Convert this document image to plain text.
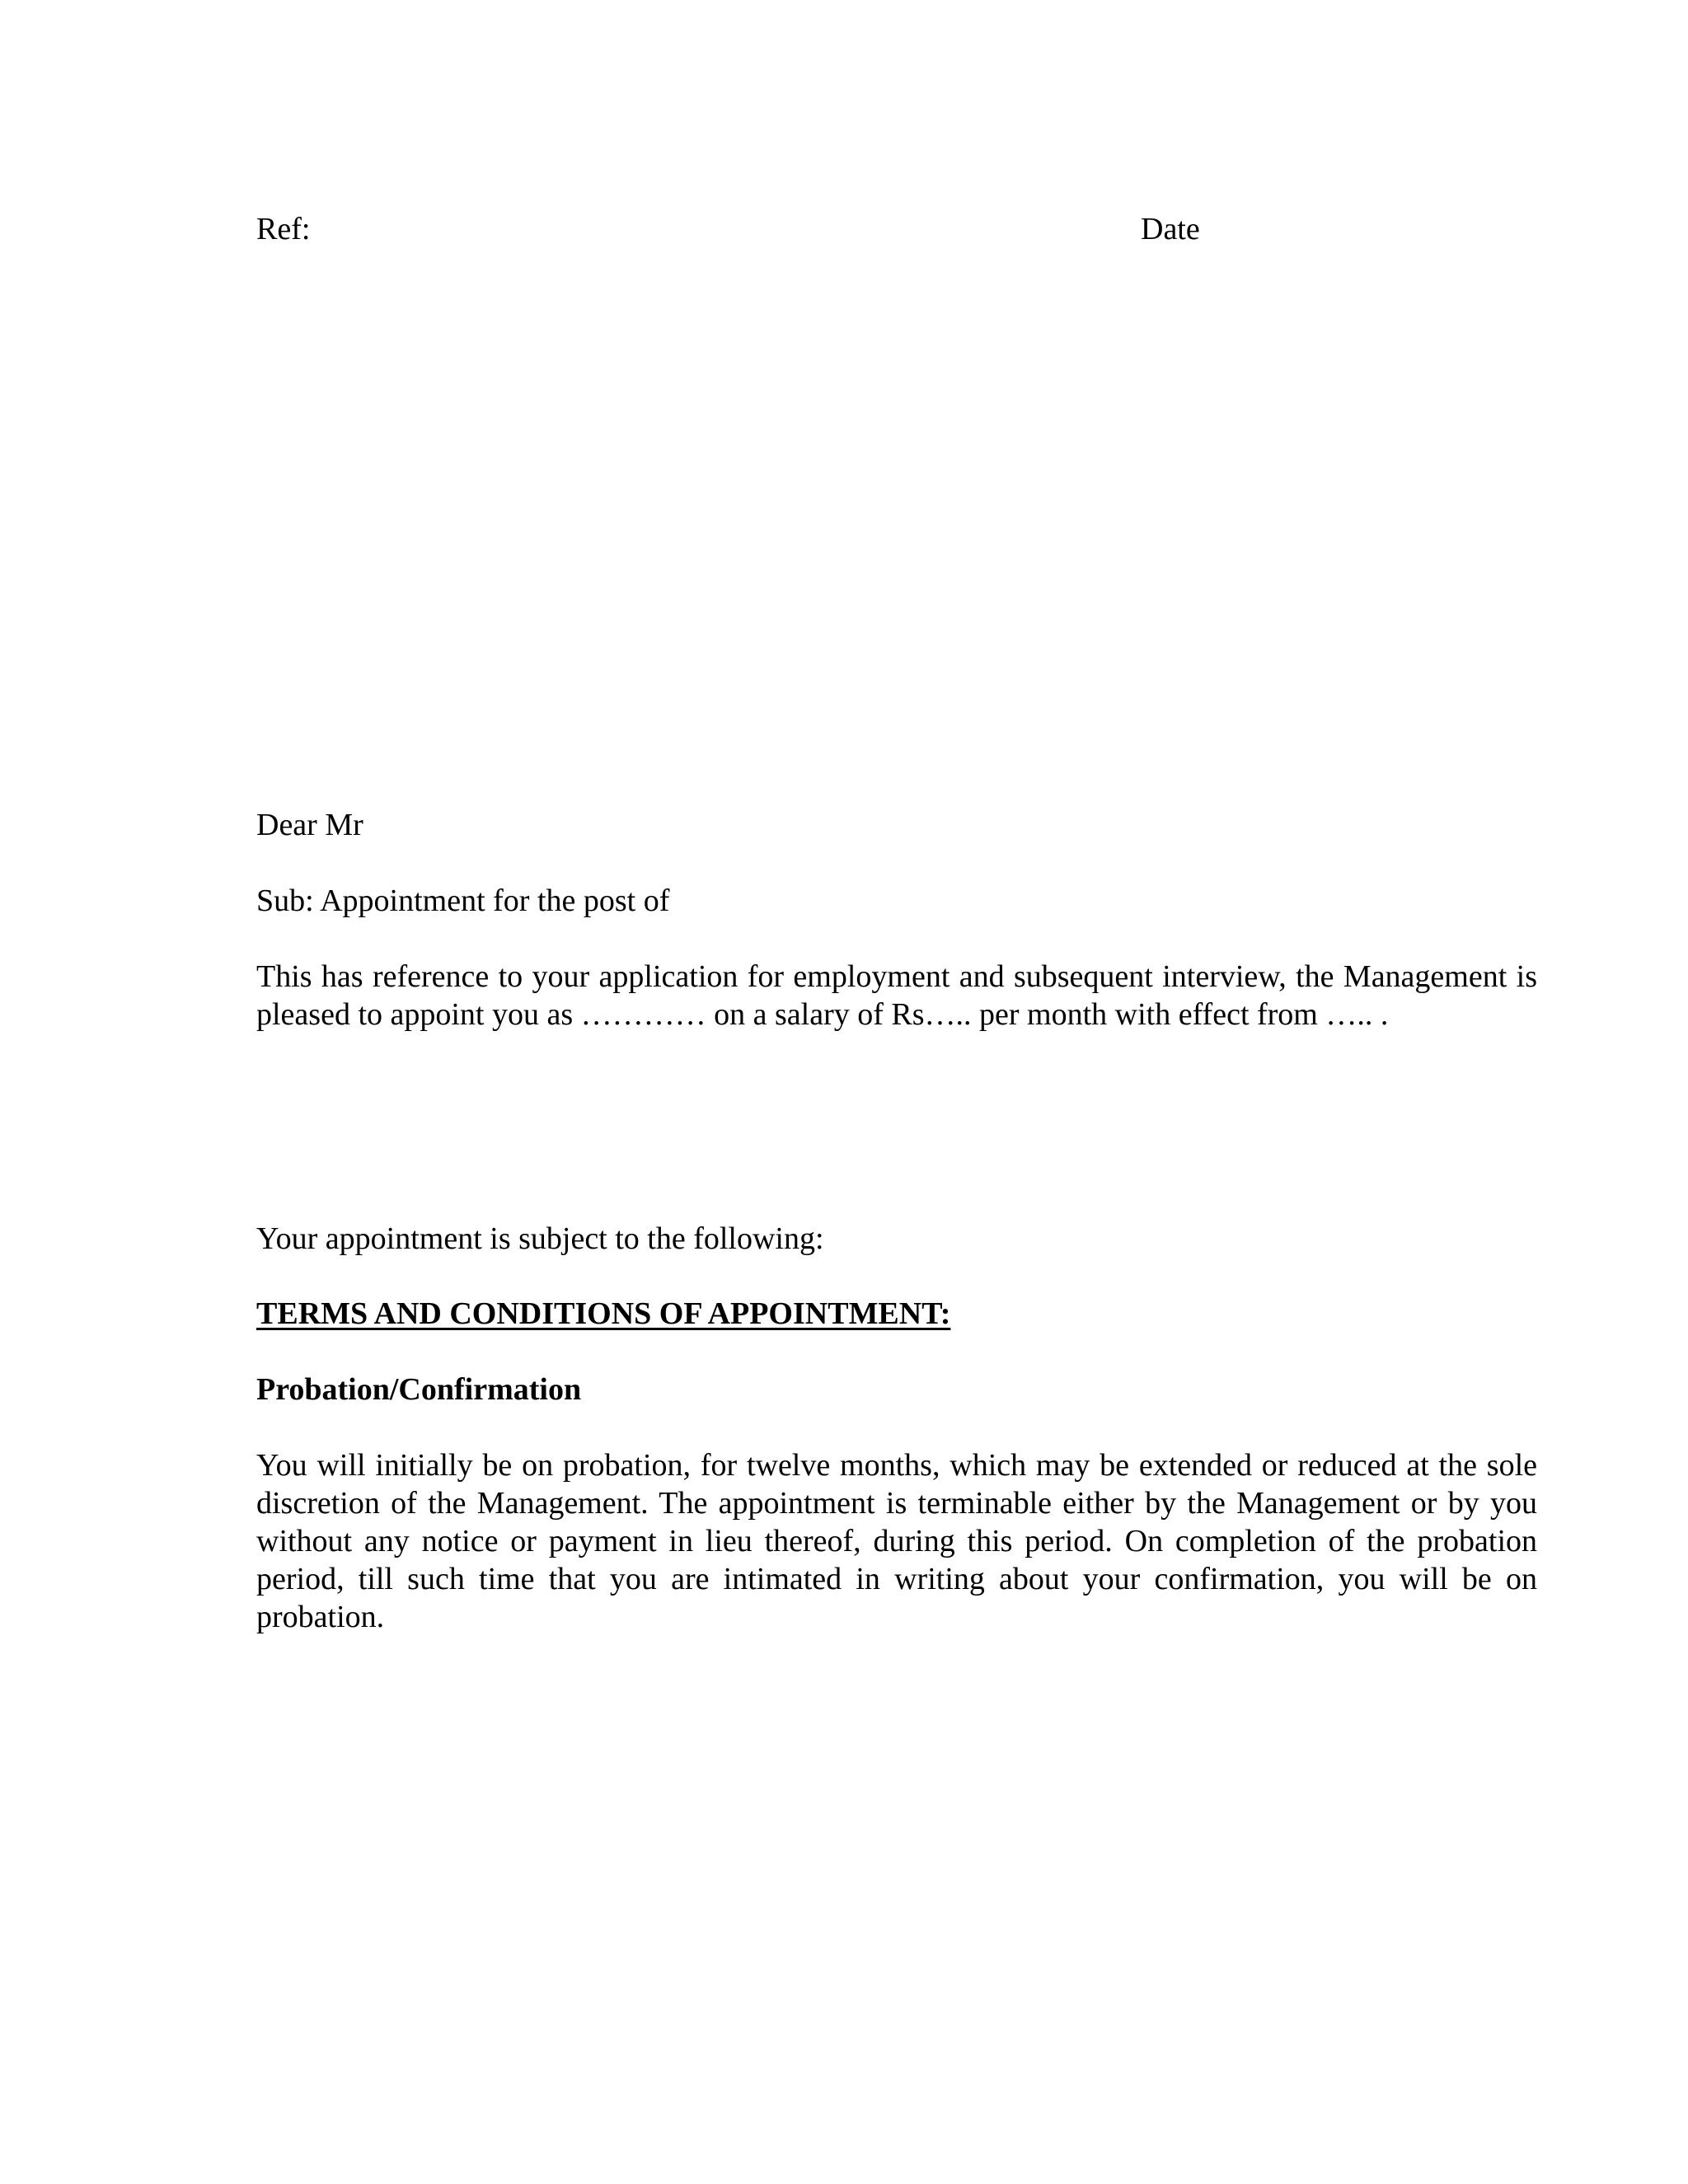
Ref:	Date

Dear Mr

Sub: Appointment for the post of

This has reference to your application for employment and subsequent interview, the Management is pleased to appoint you as ………… on a salary of Rs….. per month with effect from ….. .

Your appointment is subject to the following:

TERMS AND CONDITIONS OF APPOINTMENT:

Probation/Confirmation

You will initially be on probation, for twelve months, which may be extended or reduced at the sole discretion of the Management. The appointment is terminable either by the Management or by you without any notice or payment in lieu thereof, during this period. On completion of the probation period, till such time that you are intimated in writing about your confirmation, you will be on probation.
